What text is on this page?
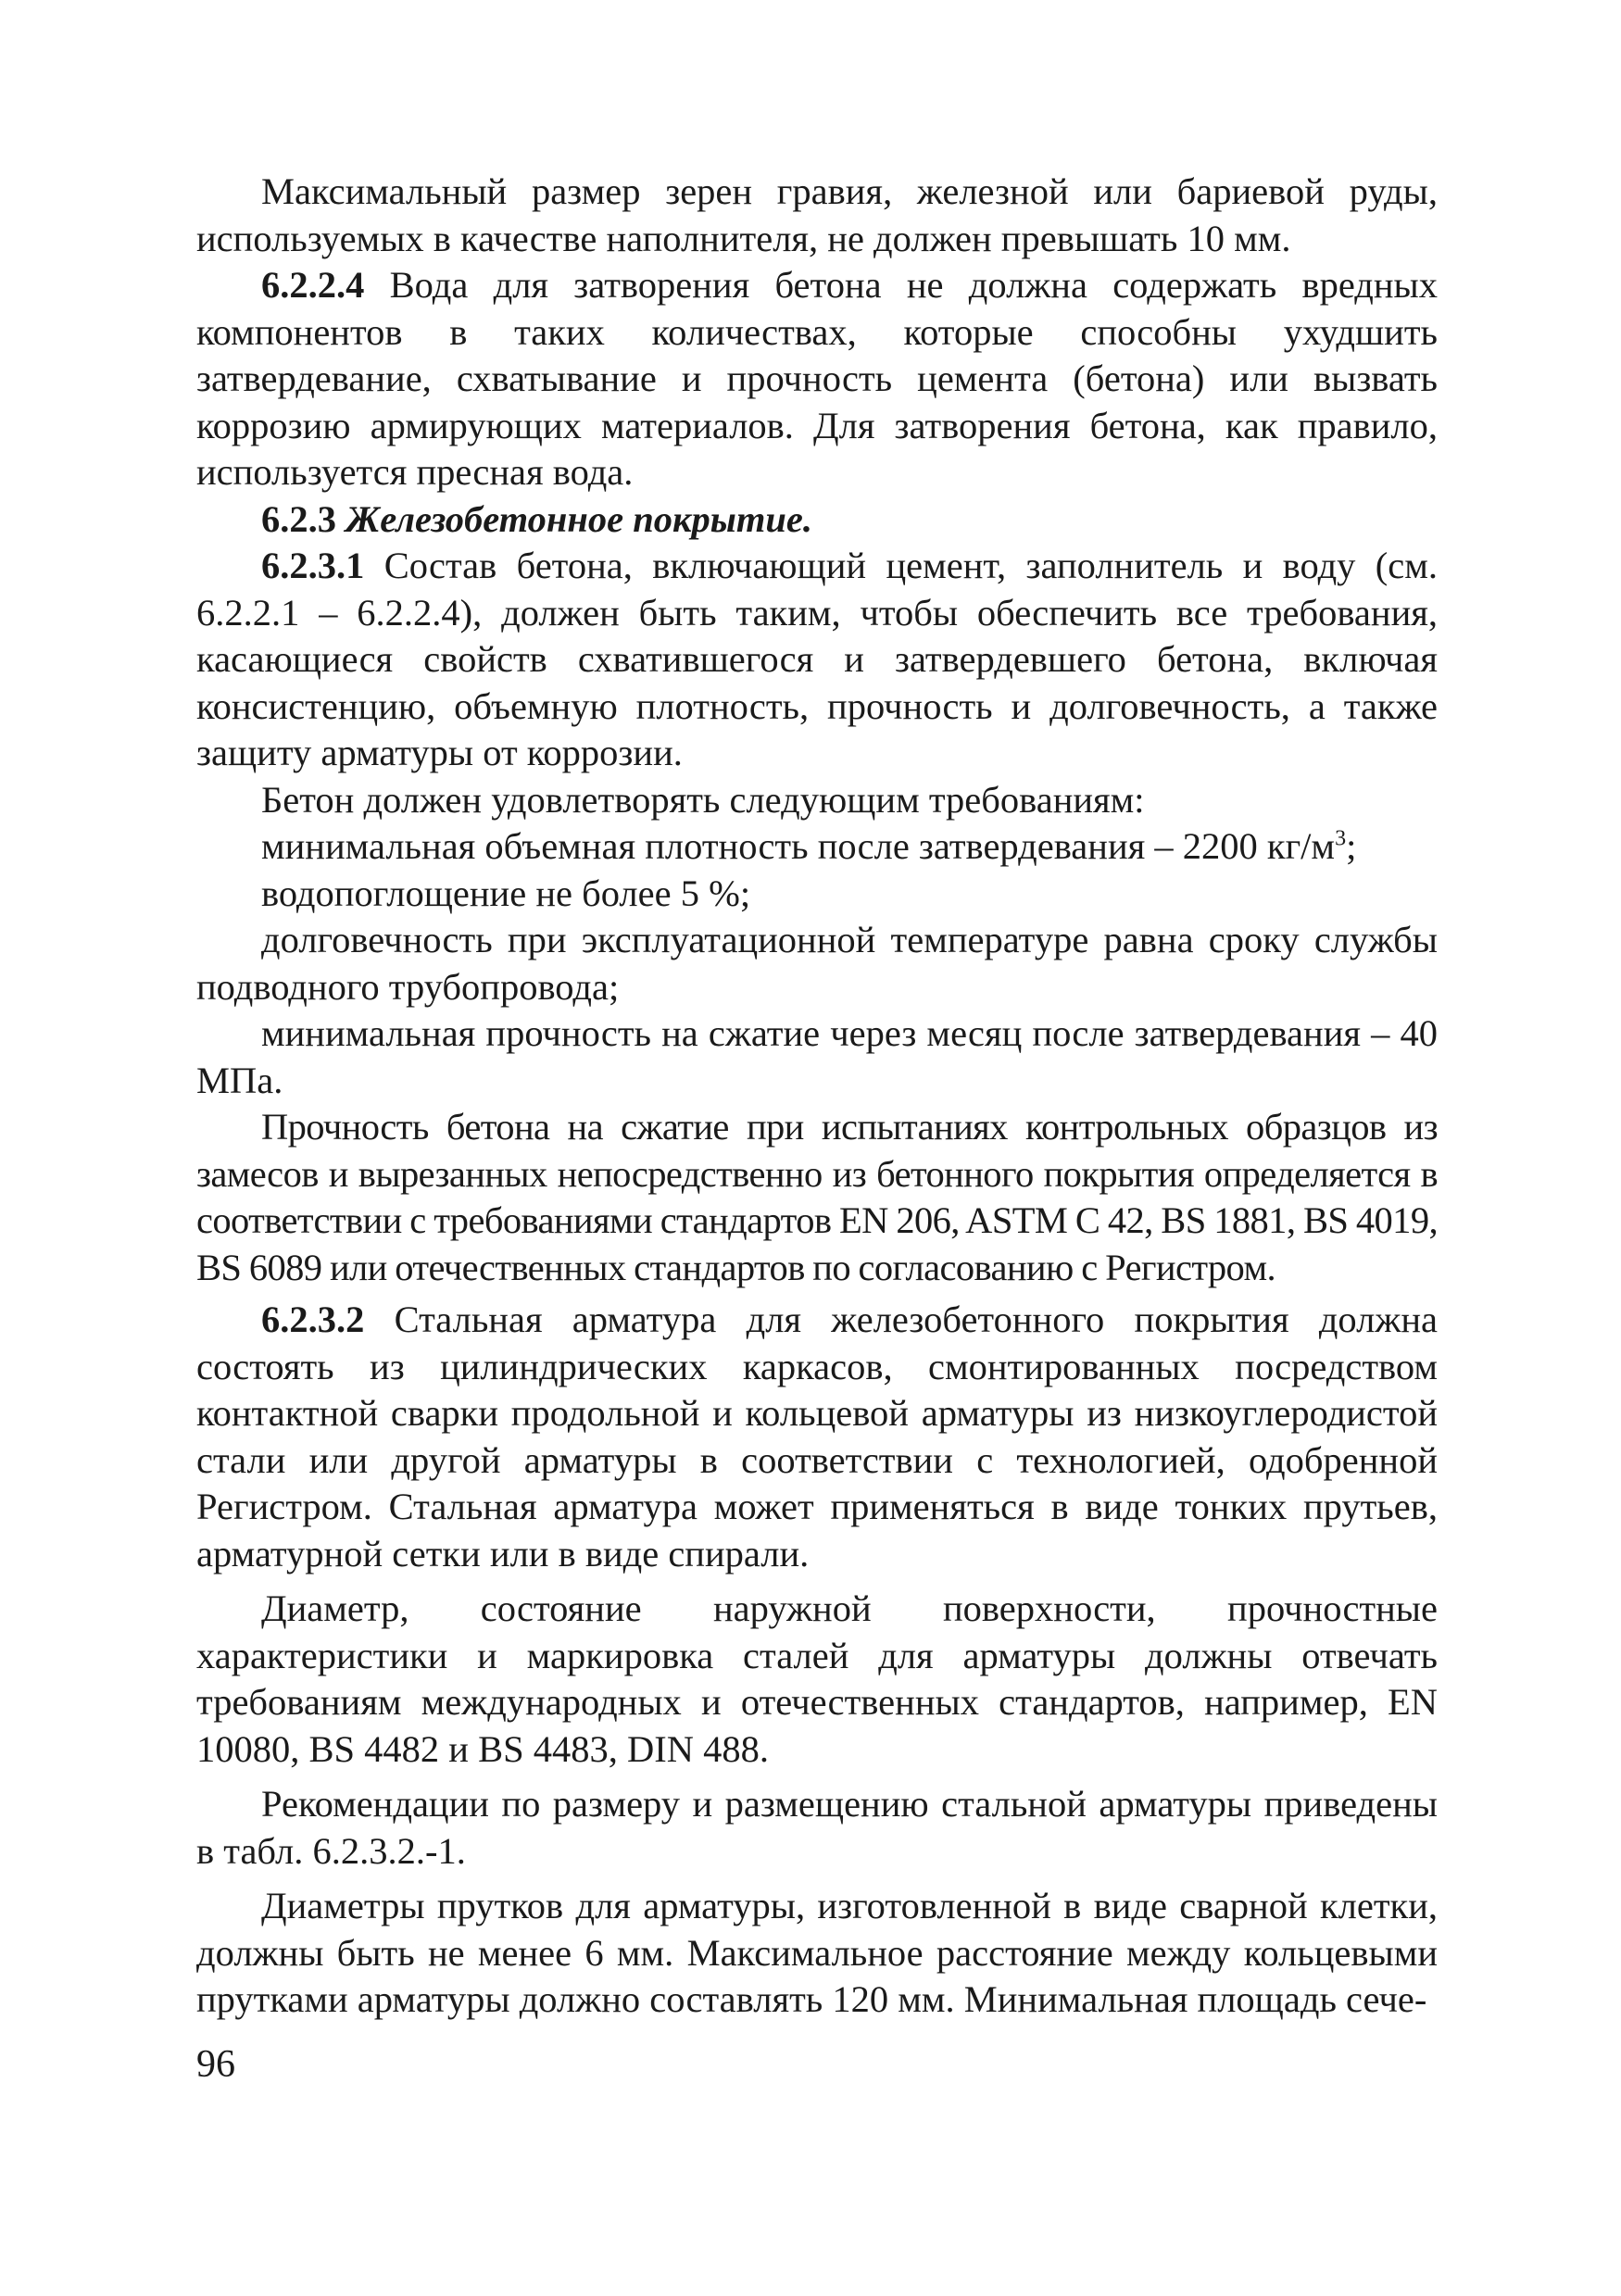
Максимальный размер зерен гравия, железной или бариевой руды, используемых в качестве наполнителя, не должен превышать 10 мм.

6.2.2.4 Вода для затворения бетона не должна содержать вредных компонентов в таких количествах, которые способны ухудшить затвердевание, схватывание и прочность цемента (бетона) или вызвать коррозию армирующих материалов. Для затворения бетона, как правило, используется пресная вода.

6.2.3 Железобетонное покрытие.

6.2.3.1 Состав бетона, включающий цемент, заполнитель и воду (см. 6.2.2.1 – 6.2.2.4), должен быть таким, чтобы обеспечить все требования, касающиеся свойств схватившегося и затвердевшего бетона, включая консистенцию, объемную плотность, прочность и долговечность, а также защиту арматуры от коррозии.

Бетон должен удовлетворять следующим требованиям:

минимальная объемная плотность после затвердевания – 2200 $кг/м^3$;

водопоглощение не более 5 %;

долговечность при эксплуатационной температуре равна сроку службы подводного трубопровода;

минимальная прочность на сжатие через месяц после затвердевания – 40 МПа.

Прочность бетона на сжатие при испытаниях контрольных образцов из замесов и вырезанных непосредственно из бетонного покрытия определяется в соответствии с требованиями стандартов EN 206, ASTM C 42, BS 1881, BS 4019, BS 6089 или отечественных стандартов по согласованию с Регистром.

6.2.3.2 Стальная арматура для железобетонного покрытия должна состоять из цилиндрических каркасов, смонтированных посредством контактной сварки продольной и кольцевой арматуры из низкоуглеродистой стали или другой арматуры в соответствии с технологией, одобренной Регистром. Стальная арматура может применяться в виде тонких прутьев, арматурной сетки или в виде спирали.

Диаметр, состояние наружной поверхности, прочностные характеристики и маркировка сталей для арматуры должны отвечать требованиям международных и отечественных стандартов, например, EN 10080, BS 4482 и BS 4483, DIN 488.

Рекомендации по размеру и размещению стальной арматуры приведены в табл. 6.2.3.2.-1.

Диаметры прутков для арматуры, изготовленной в виде сварной клетки, должны быть не менее 6 мм. Максимальное расстояние между кольцевыми прутками арматуры должно составлять 120 мм. Минимальная площадь сече-

96
